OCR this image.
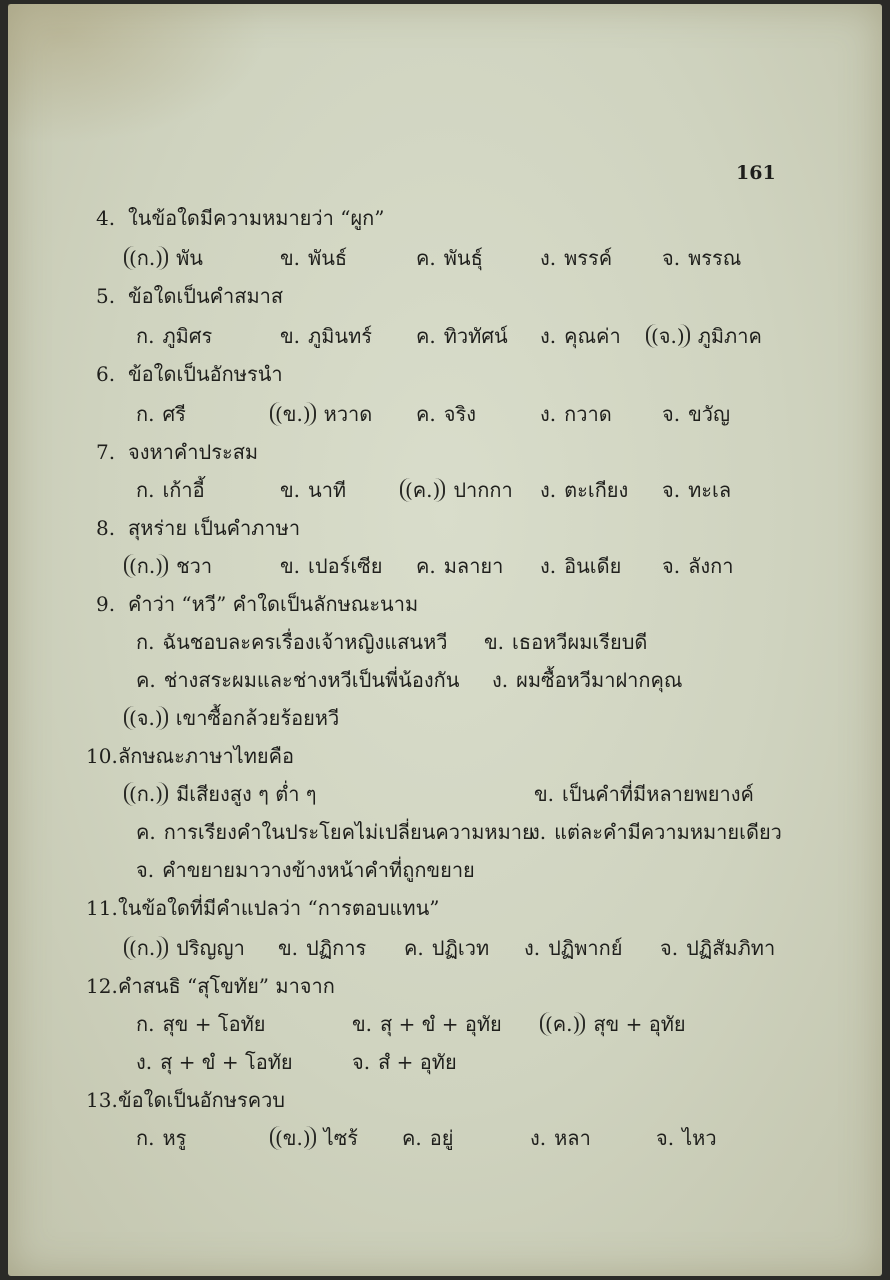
161
4. ในข้อใดมีความหมายว่า “ผูก”
(ก.) พัน	ข. พันธ์	ค. พันธุ์	ง. พรรค์ จ. พรรณ
5. ข้อใดเป็นคำสมาส
ก. ภูมิศร	ข. ภูมินทร์ ค. ทิวทัศน์ ง. คุณค่า (จ.) ภูมิภาค
6. ข้อใดเป็นอักษรนำ
ก. ศรี	(ข.) หวาด ค. จริง	ง. กวาด	จ. ขวัญ
7. จงหาคำประสม
ก. เก้าอี้	ข. นาที	(ค.) ปากกา ง. ตะเกียง จ. ทะเล
8. สุหร่าย เป็นคำภาษา
(ก.) ชวา	ข. เปอร์เซีย ค. มลายา ง. อินเดีย จ. ลังกา
9. คำว่า “หวี” คำใดเป็นลักษณะนาม
ก. ฉันชอบละครเรื่องเจ้าหญิงแสนหวี ข. เธอหวีผมเรียบดี
ค. ช่างสระผมและช่างหวีเป็นพี่น้องกัน ง. ผมซื้อหวีมาฝากคุณ
(จ.) เขาซื้อกล้วยร้อยหวี
10.ลักษณะภาษาไทยคือ
(ก.) มีเสียงสูง ๆ ต่ำ ๆ	ข. เป็นคำที่มีหลายพยางค์
ค. การเรียงคำในประโยคไม่เปลี่ยนความหมาย
ง. แต่ละคำมีความหมายเดียว
จ. คำขยายมาวางข้างหน้าคำที่ถูกขยาย
11.ในข้อใดที่มีคำแปลว่า “การตอบแทน”
(ก.) ปริญญา ข. ปฏิการ ค. ปฏิเวท ง. ปฏิพากย์ จ. ปฏิสัมภิทา
12.คำสนธิ “สุโขทัย” มาจาก
ก. สุข + โอทัย	ข. สุ + ขํ + อุทัย (ค.) สุข + อุทัย
ง. สุ + ขํ + โอทัย	จ. สํ + อุทัย
13.ข้อใดเป็นอักษรควบ
ก. หรู	(ข.) ไซร้ ค. อยู่	ง. หลา	จ. ไหว
